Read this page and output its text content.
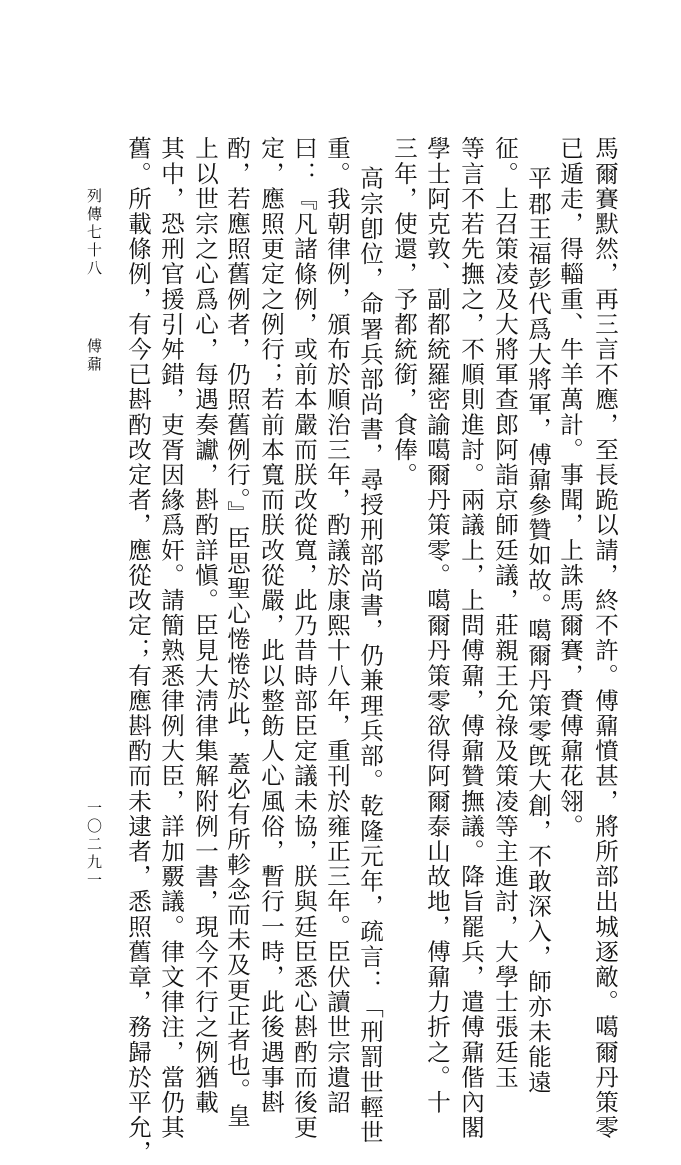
馬爾賽默然，再三言不應，至長跪以請，終不許。傅鼐憤甚，將所部出城逐敵。噶爾丹策零
已遁走，得輜重、牛羊萬計。事聞，上誅馬爾賽，賚傅鼐花翎。
平郡王福彭代爲大將軍，傅鼐參贊如故。噶爾丹策零旣大創，不敢深入，師亦未能遠
征。上召策凌及大將軍查郎阿詣京師廷議，莊親王允祿及策凌等主進討，大學士張廷玉
等言不若先撫之，不順則進討。兩議上，上問傅鼐，傅鼐贊撫議。降旨罷兵，遣傅鼐偕內閣
學士阿克敦、副都統羅密諭噶爾丹策零。噶爾丹策零欲得阿爾泰山故地，傅鼐力折之。十
三年，使還，予都統銜，食俸。
高宗卽位，命署兵部尚書，尋授刑部尚書，仍兼理兵部。乾隆元年，疏言：「刑罰世輕世
重。我朝律例，頒布於順治三年，酌議於康熙十八年，重刊於雍正三年。臣伏讀世宗遺詔
曰：『凡諸條例，或前本嚴而朕改從寬，此乃昔時部臣定議未協，朕與廷臣悉心斟酌而後更
定，應照更定之例行；若前本寬而朕改從嚴，此以整飭人心風俗，暫行一時，此後遇事斟
酌，若應照舊例者，仍照舊例行。』臣思聖心惓惓於此，蓋必有所軫念而未及更正者也。皇
上以世宗之心爲心，每遇奏讞，斟酌詳愼。臣見大淸律集解附例一書，現今不行之例猶載
其中，恐刑官援引舛錯，吏胥因緣爲奸。請簡熟悉律例大臣，詳加覈議。律文律注，當仍其
舊。所載條例，有今已斟酌改定者，應從改定；有應斟酌而未逮者，悉照舊章，務歸於平允，
列傳七十八
傅鼐
一〇二九一
